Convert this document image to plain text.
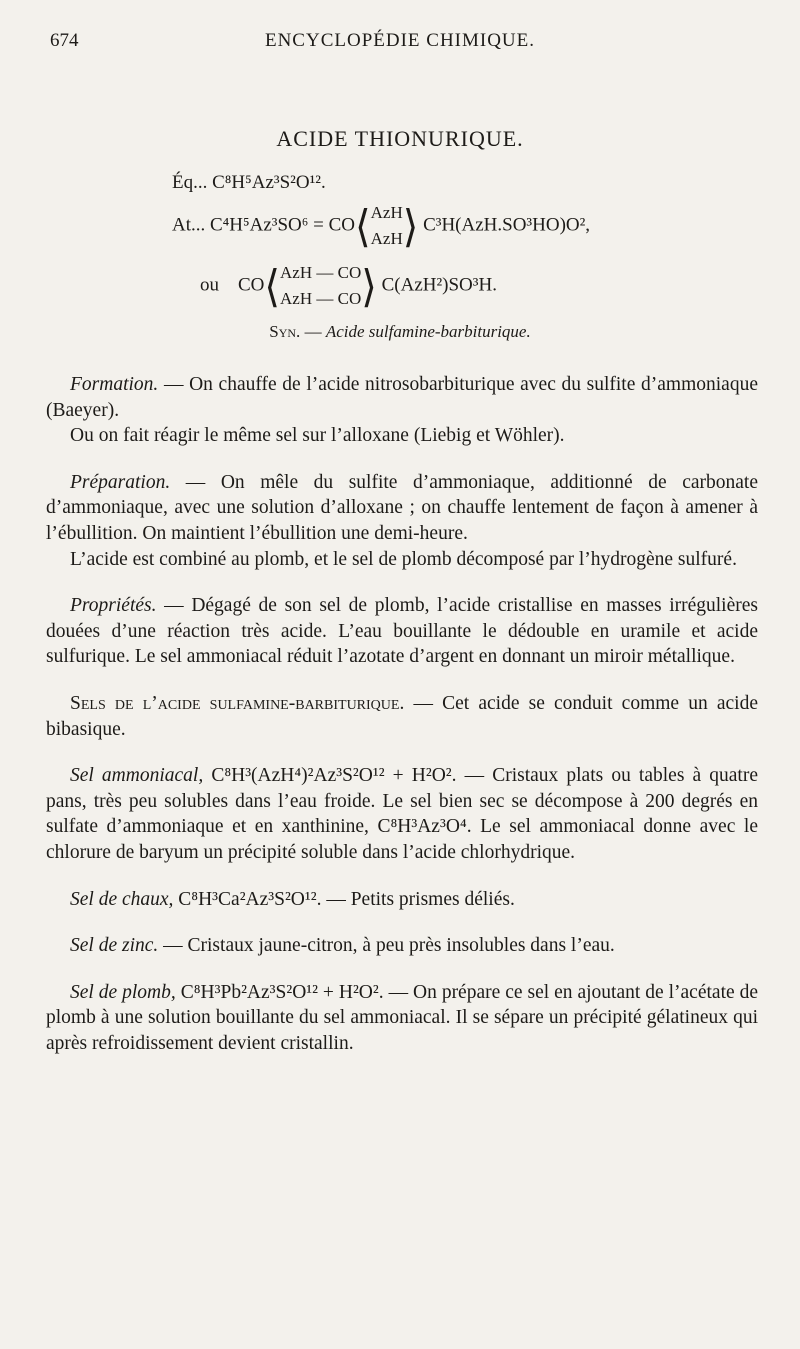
674	ENCYCLOPÉDIE CHIMIQUE.
ACIDE THIONURIQUE.
Éq... C⁸H⁵Az³S²O¹².
At... C⁴H⁵Az³SO⁶ = CO⟨AzH
AzH⟩ C³H(AzH.SO³HO)O²,
ou CO⟨AzH — CO
AzH — CO⟩ C(AzH²)SO³H.
Syn. — Acide sulfamine-barbiturique.

Formation. — On chauffe de l’acide nitrosobarbiturique avec du sulfite d’ammoniaque (Baeyer).

Ou on fait réagir le même sel sur l’alloxane (Liebig et Wöhler).

Préparation. — On mêle du sulfite d’ammoniaque, additionné de carbonate d’ammoniaque, avec une solution d’alloxane ; on chauffe lentement de façon à amener à l’ébullition. On maintient l’ébullition une demi-heure.

L’acide est combiné au plomb, et le sel de plomb décomposé par l’hydrogène sulfuré.

Propriétés. — Dégagé de son sel de plomb, l’acide cristallise en masses irrégulières douées d’une réaction très acide. L’eau bouillante le dédouble en uramile et acide sulfurique. Le sel ammoniacal réduit l’azotate d’argent en donnant un miroir métallique.

Sels de l’acide sulfamine-barbiturique. — Cet acide se conduit comme un acide bibasique.

Sel ammoniacal, C⁸H³(AzH⁴)²Az³S²O¹² + H²O². — Cristaux plats ou tables à quatre pans, très peu solubles dans l’eau froide. Le sel bien sec se décompose à 200 degrés en sulfate d’ammoniaque et en xanthinine, C⁸H³Az³O⁴. Le sel ammoniacal donne avec le chlorure de baryum un précipité soluble dans l’acide chlorhydrique.

Sel de chaux, C⁸H³Ca²Az³S²O¹². — Petits prismes déliés.

Sel de zinc. — Cristaux jaune-citron, à peu près insolubles dans l’eau.

Sel de plomb, C⁸H³Pb²Az³S²O¹² + H²O². — On prépare ce sel en ajoutant de l’acétate de plomb à une solution bouillante du sel ammoniacal. Il se sépare un précipité gélatineux qui après refroidissement devient cristallin.
